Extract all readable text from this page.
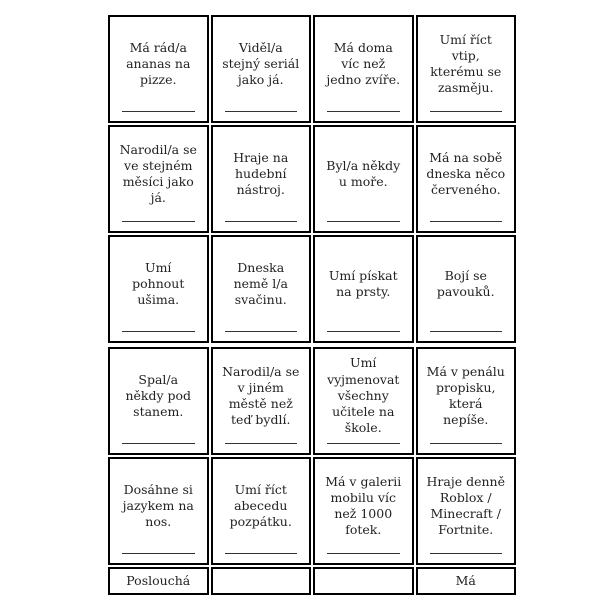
Má rád/a ananas na pizze.
Viděl/a stejný seriál jako já.
Má doma víc než jedno zvíře.
Umí říct vtip, kterému se zasměju.
Narodil/a se ve stejném měsíci jako já.
Hraje na hudební nástroj.
Byl/a někdy u moře.
Má na sobě dneska něco červeného.
Umí pohnout ušima.
Dneska nemě l/a svačinu.
Umí pískat na prsty.
Bojí se pavouků.
Spal/a někdy pod stanem.
Narodil/a se v jiném městě než teď bydlí.
Umí vyjmenovat všechny učitele na škole.
Má v penálu propisku, která nepíše.
Dosáhne si jazykem na nos.
Umí říct abecedu pozpátku.
Má v galerii mobilu víc než 1000 fotek.
Hraje denně Roblox / Minecraft / Fortnite.
Poslouchá	Má
